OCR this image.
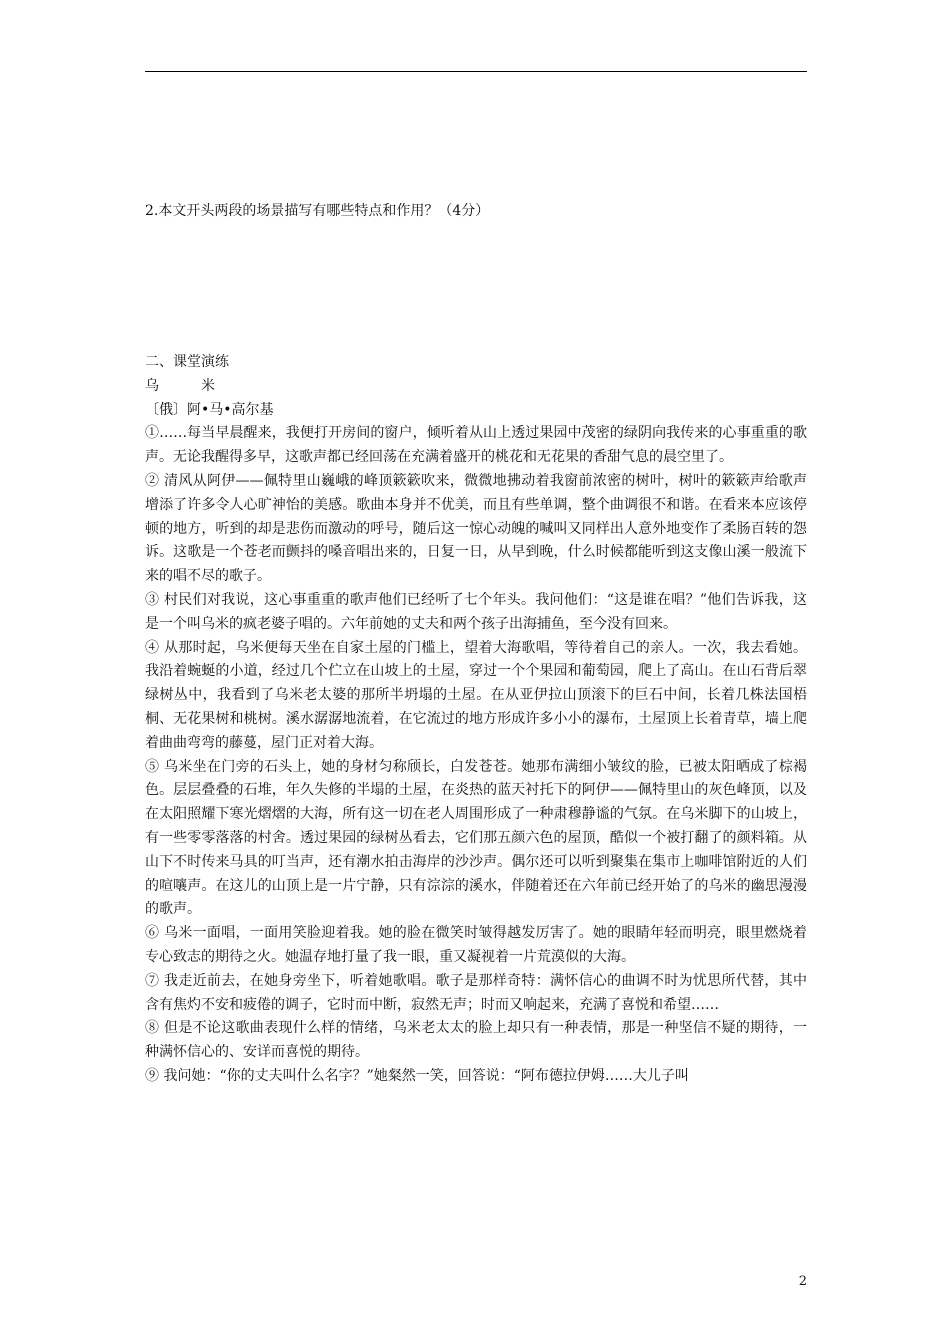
2.本文开头两段的场景描写有哪些特点和作用？（4分）
二、课堂演练
乌　　　米
〔俄〕阿•马•高尔基

①……每当早晨醒来，我便打开房间的窗户，倾听着从山上透过果园中茂密的绿阴向我传来的心事重重的歌声。无论我醒得多早，这歌声都已经回荡在充满着盛开的桃花和无花果的香甜气息的晨空里了。

② 清风从阿伊——佩特里山巍峨的峰顶簌簌吹来，微微地拂动着我窗前浓密的树叶，树叶的簌簌声给歌声增添了许多令人心旷神怡的美感。歌曲本身并不优美，而且有些单调，整个曲调很不和谐。在看来本应该停顿的地方，听到的却是悲伤而激动的呼号，随后这一惊心动魄的喊叫又同样出人意外地变作了柔肠百转的怨诉。这歌是一个苍老而颤抖的嗓音唱出来的，日复一日，从早到晚，什么时候都能听到这支像山溪一般流下来的唱不尽的歌子。

③ 村民们对我说，这心事重重的歌声他们已经听了七个年头。我问他们：“这是谁在唱？”他们告诉我，这是一个叫乌米的疯老婆子唱的。六年前她的丈夫和两个孩子出海捕鱼，至今没有回来。

④ 从那时起，乌米便每天坐在自家土屋的门槛上，望着大海歌唱，等待着自己的亲人。一次，我去看她。我沿着蜿蜒的小道，经过几个伫立在山坡上的土屋，穿过一个个果园和葡萄园，爬上了高山。在山石背后翠绿树丛中，我看到了乌米老太婆的那所半坍塌的土屋。在从亚伊拉山顶滚下的巨石中间，长着几株法国梧桐、无花果树和桃树。溪水潺潺地流着，在它流过的地方形成许多小小的瀑布，土屋顶上长着青草，墙上爬着曲曲弯弯的藤蔓，屋门正对着大海。

⑤ 乌米坐在门旁的石头上，她的身材匀称颀长，白发苍苍。她那布满细小皱纹的脸，已被太阳晒成了棕褐色。层层叠叠的石堆，年久失修的半塌的土屋，在炎热的蓝天衬托下的阿伊——佩特里山的灰色峰顶，以及在太阳照耀下寒光熠熠的大海，所有这一切在老人周围形成了一种肃穆静谧的气氛。在乌米脚下的山坡上，有一些零零落落的村舍。透过果园的绿树丛看去，它们那五颜六色的屋顶，酷似一个被打翻了的颜料箱。从山下不时传来马具的叮当声，还有潮水拍击海岸的沙沙声。偶尔还可以听到聚集在集市上咖啡馆附近的人们的喧嚷声。在这儿的山顶上是一片宁静，只有淙淙的溪水，伴随着还在六年前已经开始了的乌米的幽思漫漫的歌声。

⑥ 乌米一面唱，一面用笑脸迎着我。她的脸在微笑时皱得越发厉害了。她的眼睛年轻而明亮，眼里燃烧着专心致志的期待之火。她温存地打量了我一眼，重又凝视着一片荒漠似的大海。

⑦ 我走近前去，在她身旁坐下，听着她歌唱。歌子是那样奇特：满怀信心的曲调不时为忧思所代替，其中含有焦灼不安和疲倦的调子，它时而中断，寂然无声；时而又响起来，充满了喜悦和希望……

⑧ 但是不论这歌曲表现什么样的情绪，乌米老太太的脸上却只有一种表情，那是一种坚信不疑的期待，一种满怀信心的、安详而喜悦的期待。

⑨ 我问她：“你的丈夫叫什么名字？”她粲然一笑，回答说：“阿布德拉伊姆……大儿子叫

2
